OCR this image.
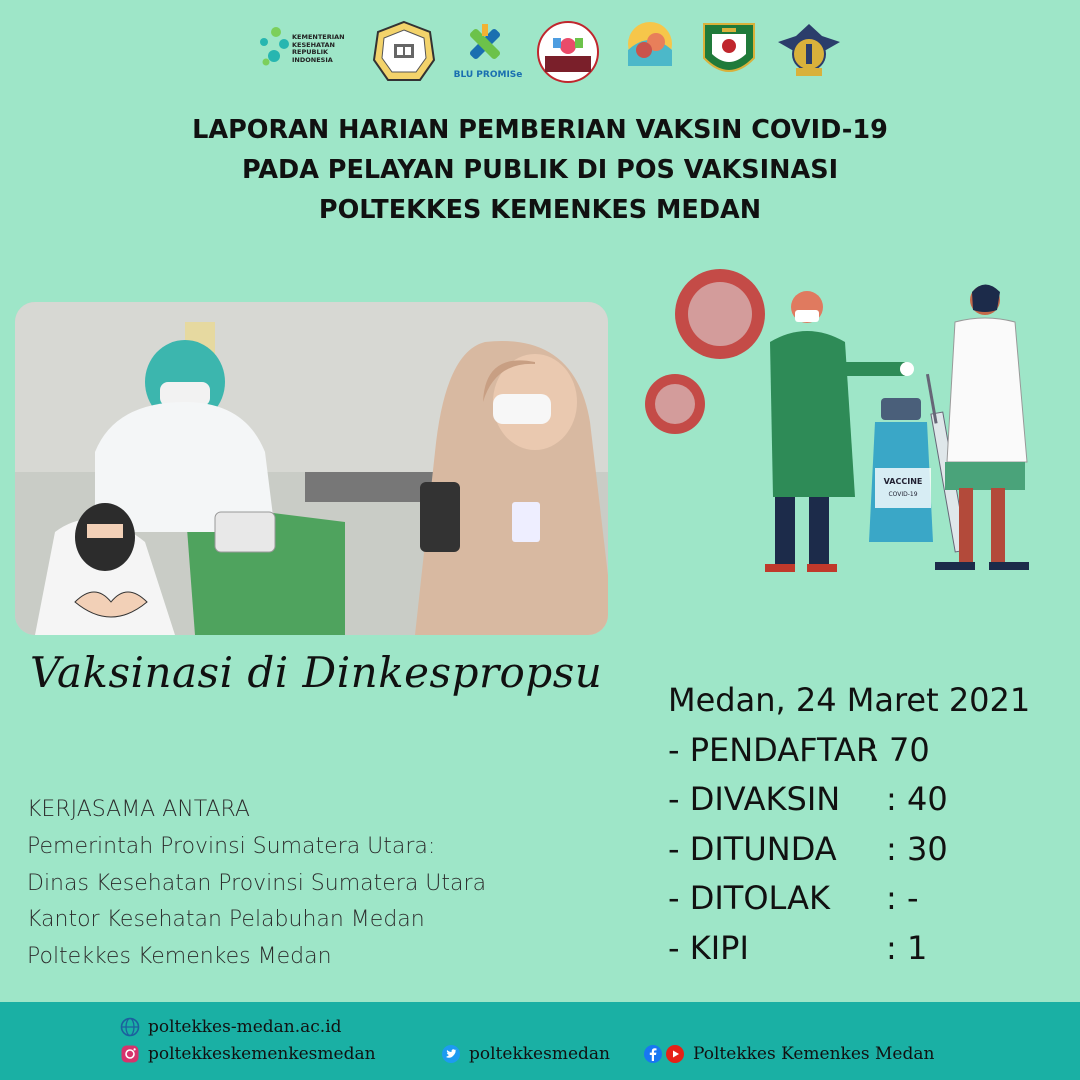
KEMENTERIAN KESEHATAN REPUBLIK INDONESIA
BLU PROMISe
LAPORAN HARIAN PEMBERIAN VAKSIN COVID-19
PADA PELAYAN PUBLIK DI POS VAKSINASI
POLTEKKES KEMENKES MEDAN
VACCINE
COVID-19
Vaksinasi di Dinkespropsu
Medan, 24 Maret 2021
- PENDAFTAR
: 70
- DIVAKSIN : 40
- DITUNDA : 30
- DITOLAK : -
- KIPI	: 1
KERJASAMA ANTARA
Pemerintah Provinsi Sumatera Utara:
Dinas Kesehatan Provinsi Sumatera Utara
Kantor Kesehatan Pelabuhan Medan
Poltekkes Kemenkes Medan
poltekkes-medan.ac.id
poltekkeskemenkesmedan	poltekkesmedan	Poltekkes Kemenkes Medan
